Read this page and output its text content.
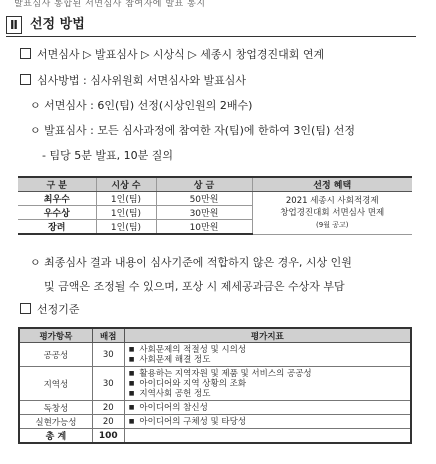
발표심사 통합된 서면심사 참여자에 발표 통지
Ⅱ 선정 방법
서면심사 ▷ 발표심사 ▷ 시상식 ▷ 세종시 창업경진대회 연계
심사방법 : 심사위원회 서면심사와 발표심사
ㅇ 서면심사 : 6인(팀) 선정(시상인원의 2배수)
ㅇ 발표심사 : 모든 심사과정에 참여한 자(팀)에 한하여 3인(팀) 선정
- 팀당 5분 발표, 10분 질의
구 분	시상 수	상 금	선정 혜택
최우수	1인(팀)	50만원	2021 세종시 사회적경제
창업경진대회 서면심사 면제
(9월 공고)

우수상	1인(팀)	30만원	
장려	1인(팀)	10만원	
ㅇ 최종심사 결과 내용이 심사기준에 적합하지 않은 경우, 시상 인원
및 금액은 조정될 수 있으며, 포상 시 제세공과금은 수상자 부담
선정기준
평가항목	배점	평가지표
공공성	30	■ 사회문제의 적절성 및 시의성
■ 사회문제 해결 정도

지역성	30	■ 활용하는 지역자원 및 제품 및 서비스의 공공성
■ 아이디어와 지역 상황의 조화
■ 지역사회 공헌 정도

독창성	20	■ 아이디어의 참신성

실현가능성	20	■ 아이디어의 구체성 및 타당성

총 계	100	
